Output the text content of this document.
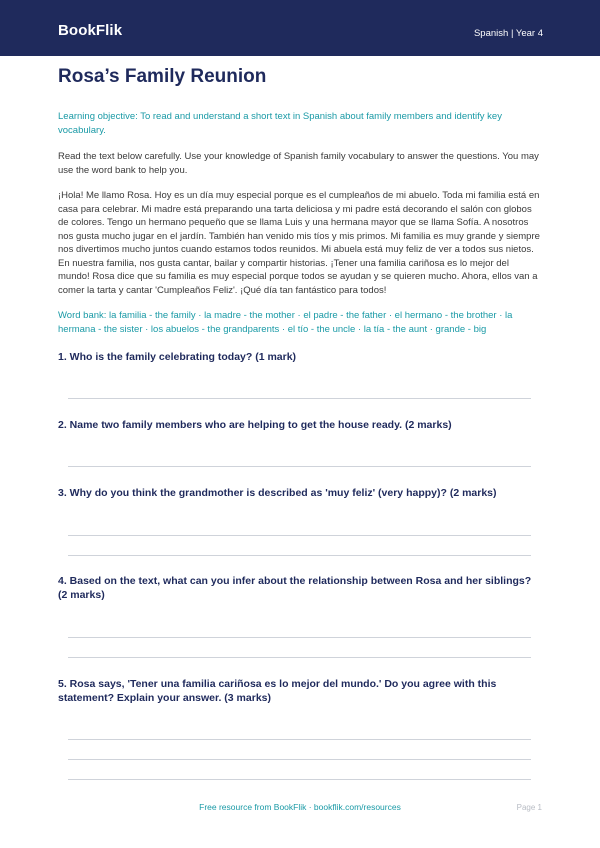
BookFlik	Spanish | Year 4
Rosa’s Family Reunion
Learning objective: To read and understand a short text in Spanish about family members and identify key vocabulary.
Read the text below carefully. Use your knowledge of Spanish family vocabulary to answer the questions. You may use the word bank to help you.
¡Hola! Me llamo Rosa. Hoy es un día muy especial porque es el cumpleaños de mi abuelo. Toda mi familia está en casa para celebrar. Mi madre está preparando una tarta deliciosa y mi padre está decorando el salón con globos de colores. Tengo un hermano pequeño que se llama Luis y una hermana mayor que se llama Sofía. A nosotros nos gusta mucho jugar en el jardín. También han venido mis tíos y mis primos. Mi familia es muy grande y siempre nos divertimos mucho juntos cuando estamos todos reunidos. Mi abuela está muy feliz de ver a todos sus nietos. En nuestra familia, nos gusta cantar, bailar y compartir historias. ¡Tener una familia cariñosa es lo mejor del mundo! Rosa dice que su familia es muy especial porque todos se ayudan y se quieren mucho. Ahora, ellos van a comer la tarta y cantar 'Cumpleaños Feliz'. ¡Qué día tan fantástico para todos!
Word bank: la familia - the family · la madre - the mother · el padre - the father · el hermano - the brother · la hermana - the sister · los abuelos - the grandparents · el tío - the uncle · la tía - the aunt · grande - big
1. Who is the family celebrating today? (1 mark)
2. Name two family members who are helping to get the house ready. (2 marks)
3. Why do you think the grandmother is described as 'muy feliz' (very happy)? (2 marks)
4. Based on the text, what can you infer about the relationship between Rosa and her siblings? (2 marks)
5. Rosa says, 'Tener una familia cariñosa es lo mejor del mundo.' Do you agree with this statement? Explain your answer. (3 marks)
Free resource from BookFlik · bookflik.com/resources	Page 1
